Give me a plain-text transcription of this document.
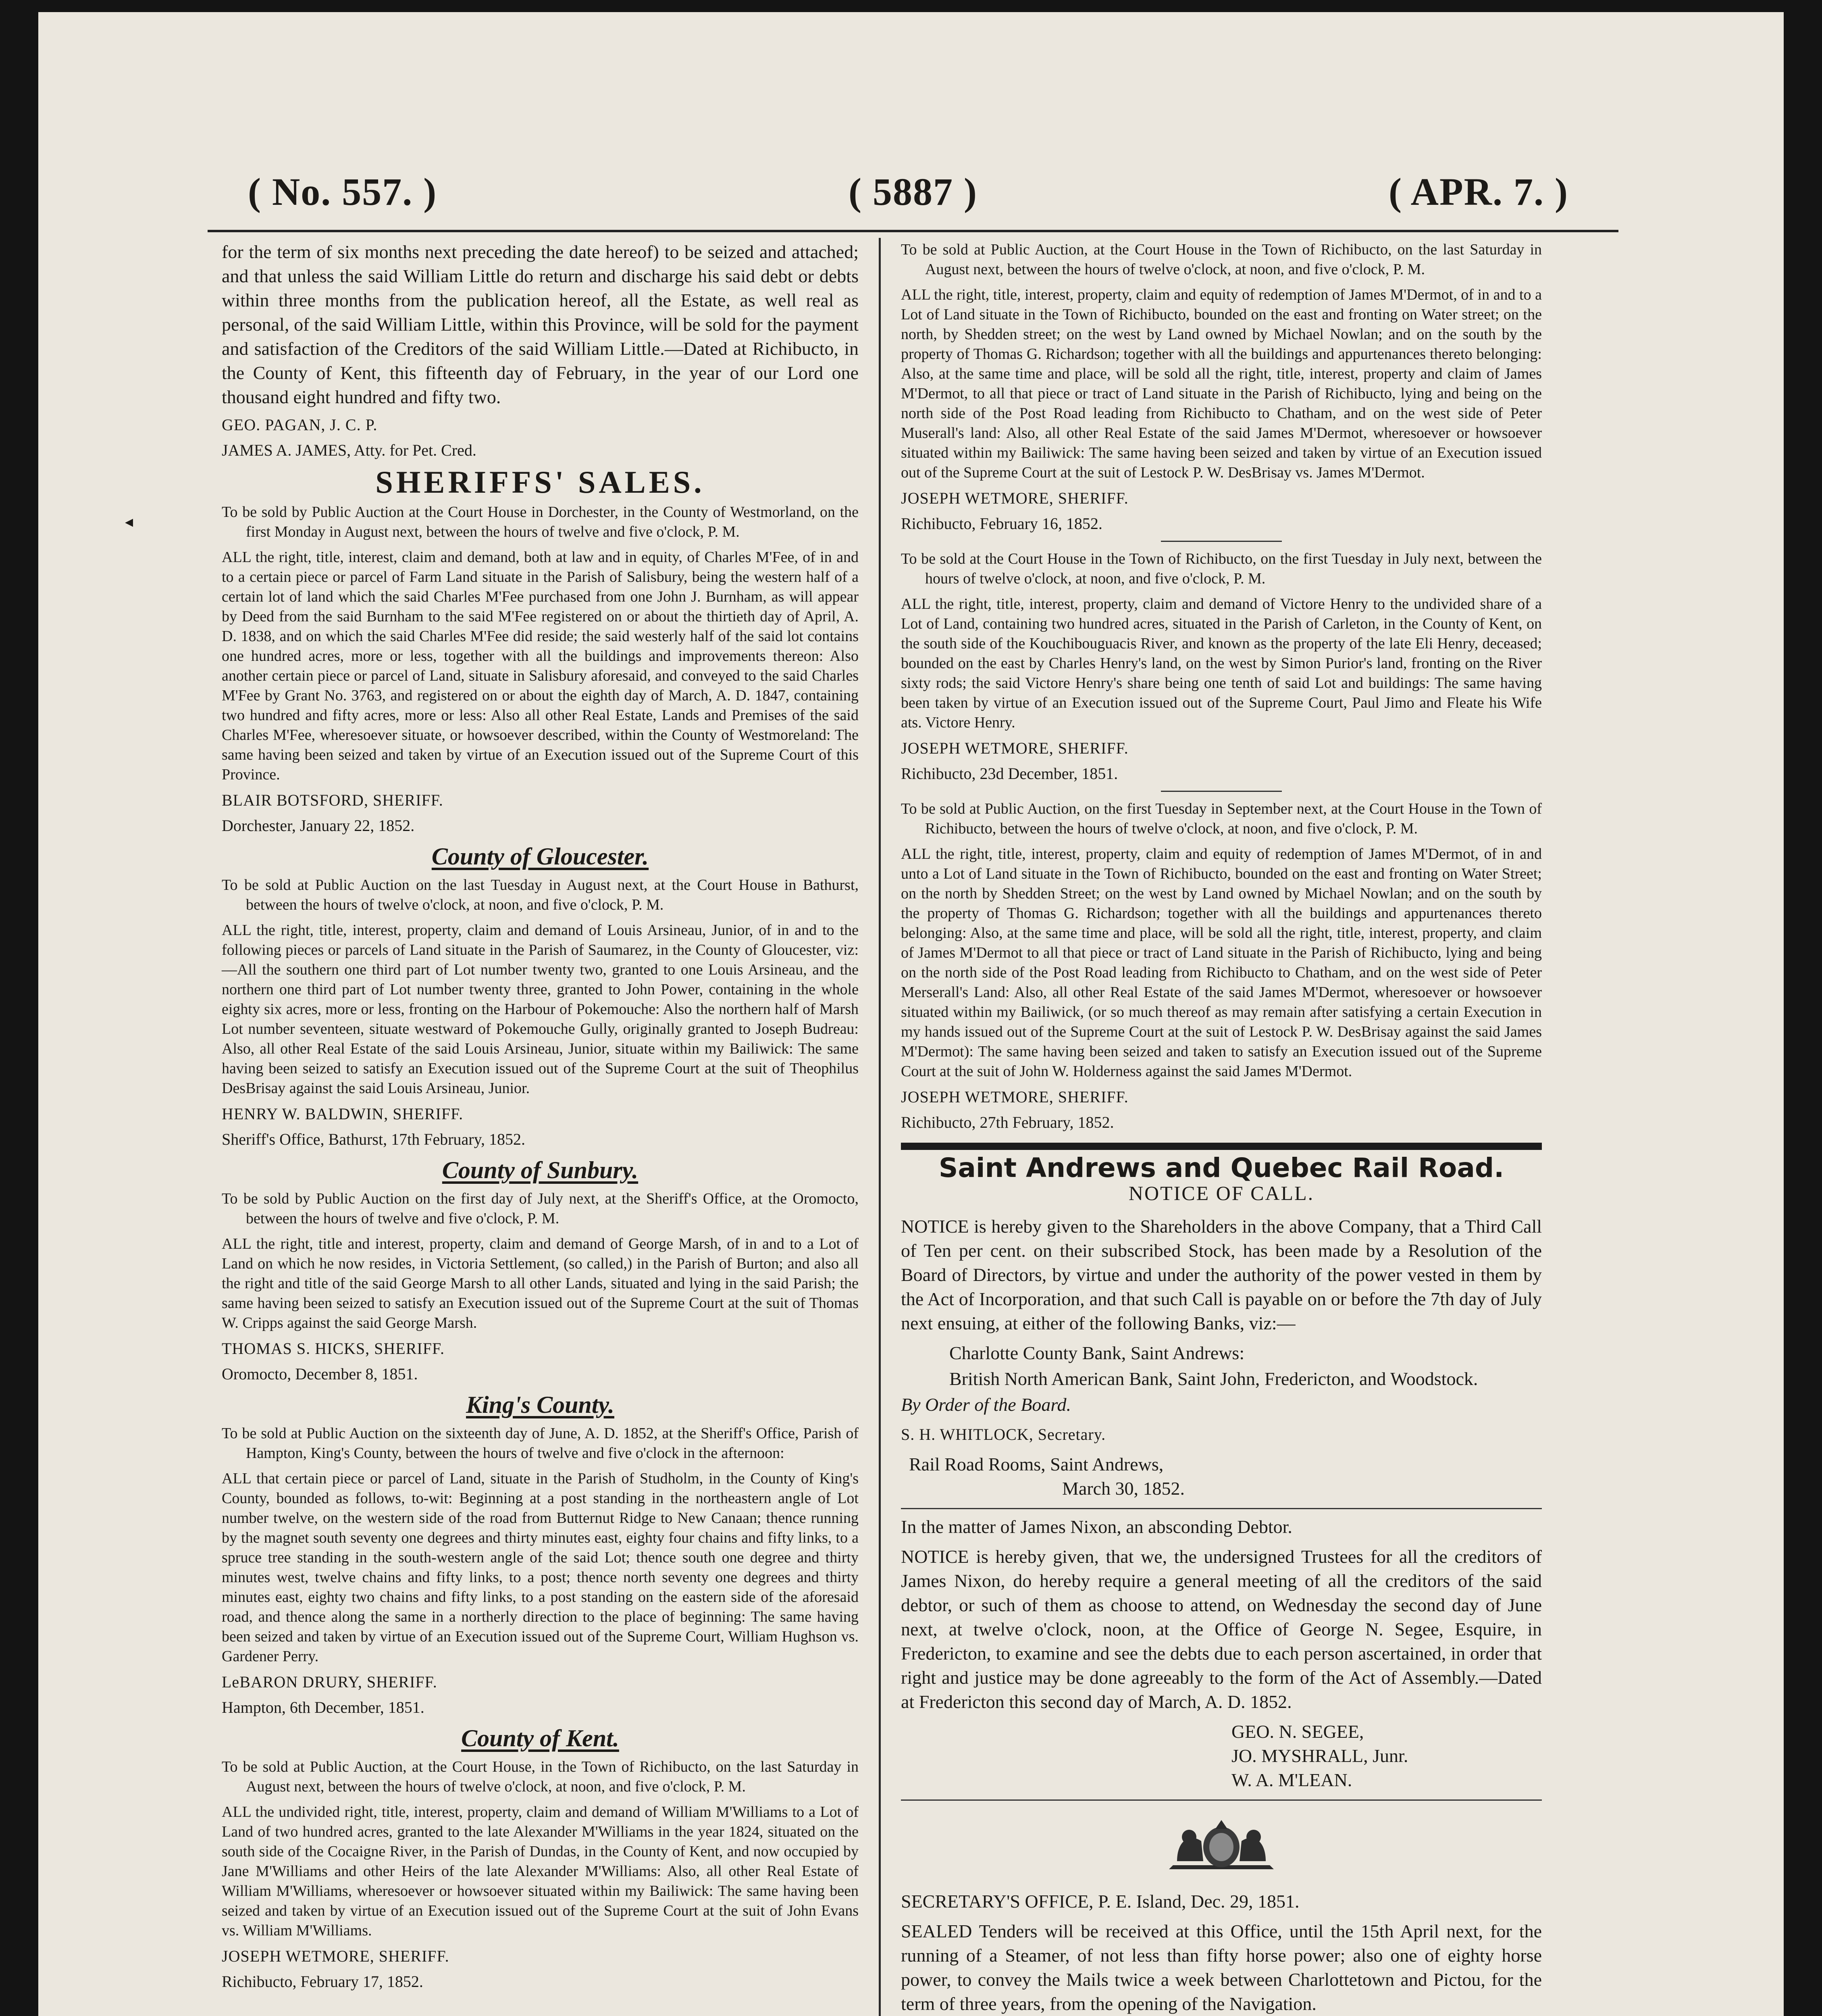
( No. 557. )	( 5887 )	( APR. 7. )
◂

for the term of six months next preceding the date hereof) to be seized and attached; and that unless the said William Little do return and discharge his said debt or debts within three months from the publication hereof, all the Estate, as well real as personal, of the said William Little, within this Province, will be sold for the payment and satisfaction of the Creditors of the said William Little.—Dated at Richibucto, in the County of Kent, this fifteenth day of February, in the year of our Lord one thousand eight hundred and fifty two.

GEO. PAGAN, J. C. P.

JAMES A. JAMES, Atty. for Pet. Cred.

SHERIFFS' SALES.

To be sold by Public Auction at the Court House in Dorchester, in the County of Westmorland, on the first Monday in August next, between the hours of twelve and five o'clock, P. M.

ALL the right, title, interest, claim and demand, both at law and in equity, of Charles M'Fee, of in and to a certain piece or parcel of Farm Land situate in the Parish of Salisbury, being the western half of a certain lot of land which the said Charles M'Fee purchased from one John J. Burnham, as will appear by Deed from the said Burnham to the said M'Fee registered on or about the thirtieth day of April, A. D. 1838, and on which the said Charles M'Fee did reside; the said westerly half of the said lot contains one hundred acres, more or less, together with all the buildings and improvements thereon: Also another certain piece or parcel of Land, situate in Salisbury aforesaid, and conveyed to the said Charles M'Fee by Grant No. 3763, and registered on or about the eighth day of March, A. D. 1847, containing two hundred and fifty acres, more or less: Also all other Real Estate, Lands and Premises of the said Charles M'Fee, wheresoever situate, or howsoever described, within the County of Westmoreland: The same having been seized and taken by virtue of an Execution issued out of the Supreme Court of this Province.

BLAIR BOTSFORD, SHERIFF.

Dorchester, January 22, 1852.

County of Gloucester.

To be sold at Public Auction on the last Tuesday in August next, at the Court House in Bathurst, between the hours of twelve o'clock, at noon, and five o'clock, P. M.

ALL the right, title, interest, property, claim and demand of Louis Arsineau, Junior, of in and to the following pieces or parcels of Land situate in the Parish of Saumarez, in the County of Gloucester, viz:—All the southern one third part of Lot number twenty two, granted to one Louis Arsineau, and the northern one third part of Lot number twenty three, granted to John Power, containing in the whole eighty six acres, more or less, fronting on the Harbour of Pokemouche: Also the northern half of Marsh Lot number seventeen, situate westward of Pokemouche Gully, originally granted to Joseph Budreau: Also, all other Real Estate of the said Louis Arsineau, Junior, situate within my Bailiwick: The same having been seized to satisfy an Execution issued out of the Supreme Court at the suit of Theophilus DesBrisay against the said Louis Arsineau, Junior.

HENRY W. BALDWIN, SHERIFF.

Sheriff's Office, Bathurst, 17th February, 1852.

County of Sunbury.

To be sold by Public Auction on the first day of July next, at the Sheriff's Office, at the Oromocto, between the hours of twelve and five o'clock, P. M.

ALL the right, title and interest, property, claim and demand of George Marsh, of in and to a Lot of Land on which he now resides, in Victoria Settlement, (so called,) in the Parish of Burton; and also all the right and title of the said George Marsh to all other Lands, situated and lying in the said Parish; the same having been seized to satisfy an Execution issued out of the Supreme Court at the suit of Thomas W. Cripps against the said George Marsh.

THOMAS S. HICKS, SHERIFF.

Oromocto, December 8, 1851.

King's County.

To be sold at Public Auction on the sixteenth day of June, A. D. 1852, at the Sheriff's Office, Parish of Hampton, King's County, between the hours of twelve and five o'clock in the afternoon:

ALL that certain piece or parcel of Land, situate in the Parish of Studholm, in the County of King's County, bounded as follows, to-wit: Beginning at a post standing in the northeastern angle of Lot number twelve, on the western side of the road from Butternut Ridge to New Canaan; thence running by the magnet south seventy one degrees and thirty minutes east, eighty four chains and fifty links, to a spruce tree standing in the south-western angle of the said Lot; thence south one degree and thirty minutes west, twelve chains and fifty links, to a post; thence north seventy one degrees and thirty minutes east, eighty two chains and fifty links, to a post standing on the eastern side of the aforesaid road, and thence along the same in a northerly direction to the place of beginning: The same having been seized and taken by virtue of an Execution issued out of the Supreme Court, William Hughson vs. Gardener Perry.

LeBARON DRURY, SHERIFF.

Hampton, 6th December, 1851.

County of Kent.

To be sold at Public Auction, at the Court House, in the Town of Richibucto, on the last Saturday in August next, between the hours of twelve o'clock, at noon, and five o'clock, P. M.

ALL the undivided right, title, interest, property, claim and demand of William M'Williams to a Lot of Land of two hundred acres, granted to the late Alexander M'Williams in the year 1824, situated on the south side of the Cocaigne River, in the Parish of Dundas, in the County of Kent, and now occupied by Jane M'Williams and other Heirs of the late Alexander M'Williams: Also, all other Real Estate of William M'Williams, wheresoever or howsoever situated within my Bailiwick: The same having been seized and taken by virtue of an Execution issued out of the Supreme Court at the suit of John Evans vs. William M'Williams.

JOSEPH WETMORE, SHERIFF.

Richibucto, February 17, 1852.

To be sold at Public Auction, at the Court House in the Town of Richibucto, on the last Saturday in August next, between the hours of twelve o'clock, at noon, and five o'clock, P. M.

ALL the right, title, interest, property, claim and equity of redemption of James M'Dermot, of in and to a Lot of Land situate in the Town of Richibucto, bounded on the east and fronting on Water street; on the north, by Shedden street; on the west by Land owned by Michael Nowlan; and on the south by the property of Thomas G. Richardson; together with all the buildings and appurtenances thereto belonging: Also, at the same time and place, will be sold all the right, title, interest, property and claim of James M'Dermot, to all that piece or tract of Land situate in the Parish of Richibucto, lying and being on the north side of the Post Road leading from Richibucto to Chatham, and on the west side of Peter Muserall's land: Also, all other Real Estate of the said James M'Dermot, wheresoever or howsoever situated within my Bailiwick: The same having been seized and taken by virtue of an Execution issued out of the Supreme Court at the suit of Lestock P. W. DesBrisay vs. James M'Dermot.

JOSEPH WETMORE, SHERIFF.

Richibucto, February 16, 1852.

To be sold at the Court House in the Town of Richibucto, on the first Tuesday in July next, between the hours of twelve o'clock, at noon, and five o'clock, P. M.

ALL the right, title, interest, property, claim and demand of Victore Henry to the undivided share of a Lot of Land, containing two hundred acres, situated in the Parish of Carleton, in the County of Kent, on the south side of the Kouchibouguacis River, and known as the property of the late Eli Henry, deceased; bounded on the east by Charles Henry's land, on the west by Simon Purior's land, fronting on the River sixty rods; the said Victore Henry's share being one tenth of said Lot and buildings: The same having been taken by virtue of an Execution issued out of the Supreme Court, Paul Jimo and Fleate his Wife ats. Victore Henry.

JOSEPH WETMORE, SHERIFF.

Richibucto, 23d December, 1851.

To be sold at Public Auction, on the first Tuesday in September next, at the Court House in the Town of Richibucto, between the hours of twelve o'clock, at noon, and five o'clock, P. M.

ALL the right, title, interest, property, claim and equity of redemption of James M'Dermot, of in and unto a Lot of Land situate in the Town of Richibucto, bounded on the east and fronting on Water Street; on the north by Shedden Street; on the west by Land owned by Michael Nowlan; and on the south by the property of Thomas G. Richardson; together with all the buildings and appurtenances thereto belonging: Also, at the same time and place, will be sold all the right, title, interest, property, and claim of James M'Dermot to all that piece or tract of Land situate in the Parish of Richibucto, lying and being on the north side of the Post Road leading from Richibucto to Chatham, and on the west side of Peter Merserall's Land: Also, all other Real Estate of the said James M'Dermot, wheresoever or howsoever situated within my Bailiwick, (or so much thereof as may remain after satisfying a certain Execution in my hands issued out of the Supreme Court at the suit of Lestock P. W. DesBrisay against the said James M'Dermot): The same having been seized and taken to satisfy an Execution issued out of the Supreme Court at the suit of John W. Holderness against the said James M'Dermot.

JOSEPH WETMORE, SHERIFF.

Richibucto, 27th February, 1852.

Saint Andrews and Quebec Rail Road.
NOTICE OF CALL.

NOTICE is hereby given to the Shareholders in the above Company, that a Third Call of Ten per cent. on their subscribed Stock, has been made by a Resolution of the Board of Directors, by virtue and under the authority of the power vested in them by the Act of Incorporation, and that such Call is payable on or before the 7th day of July next ensuing, at either of the following Banks, viz:—

Charlotte County Bank, Saint Andrews:

British North American Bank, Saint John, Fredericton, and Woodstock.

By Order of the Board.

S. H. WHITLOCK, Secretary.

Rail Road Rooms, Saint Andrews,

March 30, 1852.

In the matter of James Nixon, an absconding Debtor.

NOTICE is hereby given, that we, the undersigned Trustees for all the creditors of James Nixon, do hereby require a general meeting of all the creditors of the said debtor, or such of them as choose to attend, on Wednesday the second day of June next, at twelve o'clock, noon, at the Office of George N. Segee, Esquire, in Fredericton, to examine and see the debts due to each person ascertained, in order that right and justice may be done agreeably to the form of the Act of Assembly.—Dated at Fredericton this second day of March, A. D. 1852.

GEO. N. SEGEE,

JO. MYSHRALL, Junr.

W. A. M'LEAN.

SECRETARY'S OFFICE, P. E. Island, Dec. 29, 1851.

SEALED Tenders will be received at this Office, until the 15th April next, for the running of a Steamer, of not less than fifty horse power; also one of eighty horse power, to convey the Mails twice a week between Charlottetown and Pictou, for the term of three years, from the opening of the Navigation.
